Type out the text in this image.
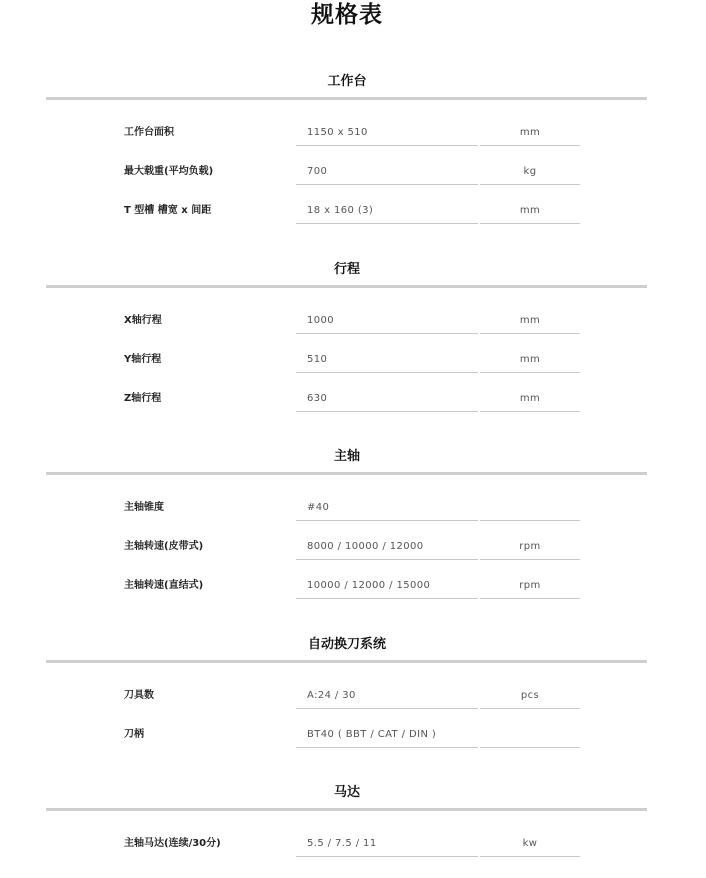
规格表
工作台
工作台面积	1150 x 510	mm
最大载重(平均负载)	700	kg
T 型槽 槽宽 x 间距	18 x 160 (3)	mm
行程
X轴行程	1000	mm
Y轴行程	510	mm
Z轴行程	630	mm
主轴
主轴锥度	#40
主轴转速(皮带式)	8000 / 10000 / 12000	rpm
主轴转速(直结式)	10000 / 12000 / 15000	rpm
自动换刀系统
刀具数	A:24 / 30	pcs
刀柄	BT40 ( BBT / CAT / DIN )
马达
主轴马达(连续/30分)	5.5 / 7.5 / 11	kw
